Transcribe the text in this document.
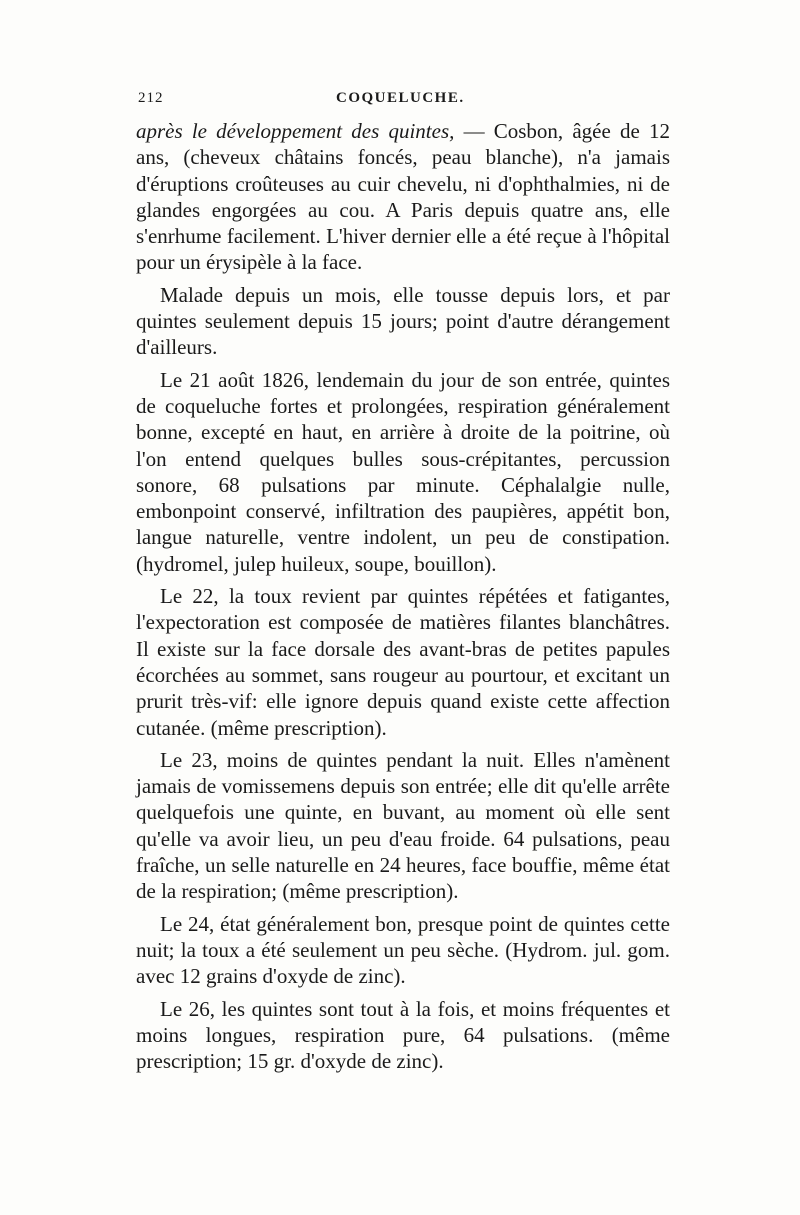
212	COQUELUCHE.

après le développement des quintes, — Cosbon, âgée de 12 ans, (cheveux châtains foncés, peau blanche), n'a jamais d'éruptions croûteuses au cuir chevelu, ni d'ophthalmies, ni de glandes engorgées au cou. A Paris depuis quatre ans, elle s'enrhume facilement. L'hiver dernier elle a été reçue à l'hôpital pour un érysipèle à la face.

Malade depuis un mois, elle tousse depuis lors, et par quintes seulement depuis 15 jours; point d'autre dérangement d'ailleurs.

Le 21 août 1826, lendemain du jour de son entrée, quintes de coqueluche fortes et prolongées, respiration généralement bonne, excepté en haut, en arrière à droite de la poitrine, où l'on entend quelques bulles sous-crépitantes, percussion sonore, 68 pulsations par minute. Céphalalgie nulle, embonpoint conservé, infiltration des paupières, appétit bon, langue naturelle, ventre indolent, un peu de constipation. (hydromel, julep huileux, soupe, bouillon).

Le 22, la toux revient par quintes répétées et fatigantes, l'expectoration est composée de matières filantes blanchâtres. Il existe sur la face dorsale des avant-bras de petites papules écorchées au sommet, sans rougeur au pourtour, et excitant un prurit très-vif: elle ignore depuis quand existe cette affection cutanée. (même prescription).

Le 23, moins de quintes pendant la nuit. Elles n'amènent jamais de vomissemens depuis son entrée; elle dit qu'elle arrête quelquefois une quinte, en buvant, au moment où elle sent qu'elle va avoir lieu, un peu d'eau froide. 64 pulsations, peau fraîche, un selle naturelle en 24 heures, face bouffie, même état de la respiration; (même prescription).

Le 24, état généralement bon, presque point de quintes cette nuit; la toux a été seulement un peu sèche. (Hydrom. jul. gom. avec 12 grains d'oxyde de zinc).

Le 26, les quintes sont tout à la fois, et moins fréquentes et moins longues, respiration pure, 64 pulsations. (même prescription; 15 gr. d'oxyde de zinc).
